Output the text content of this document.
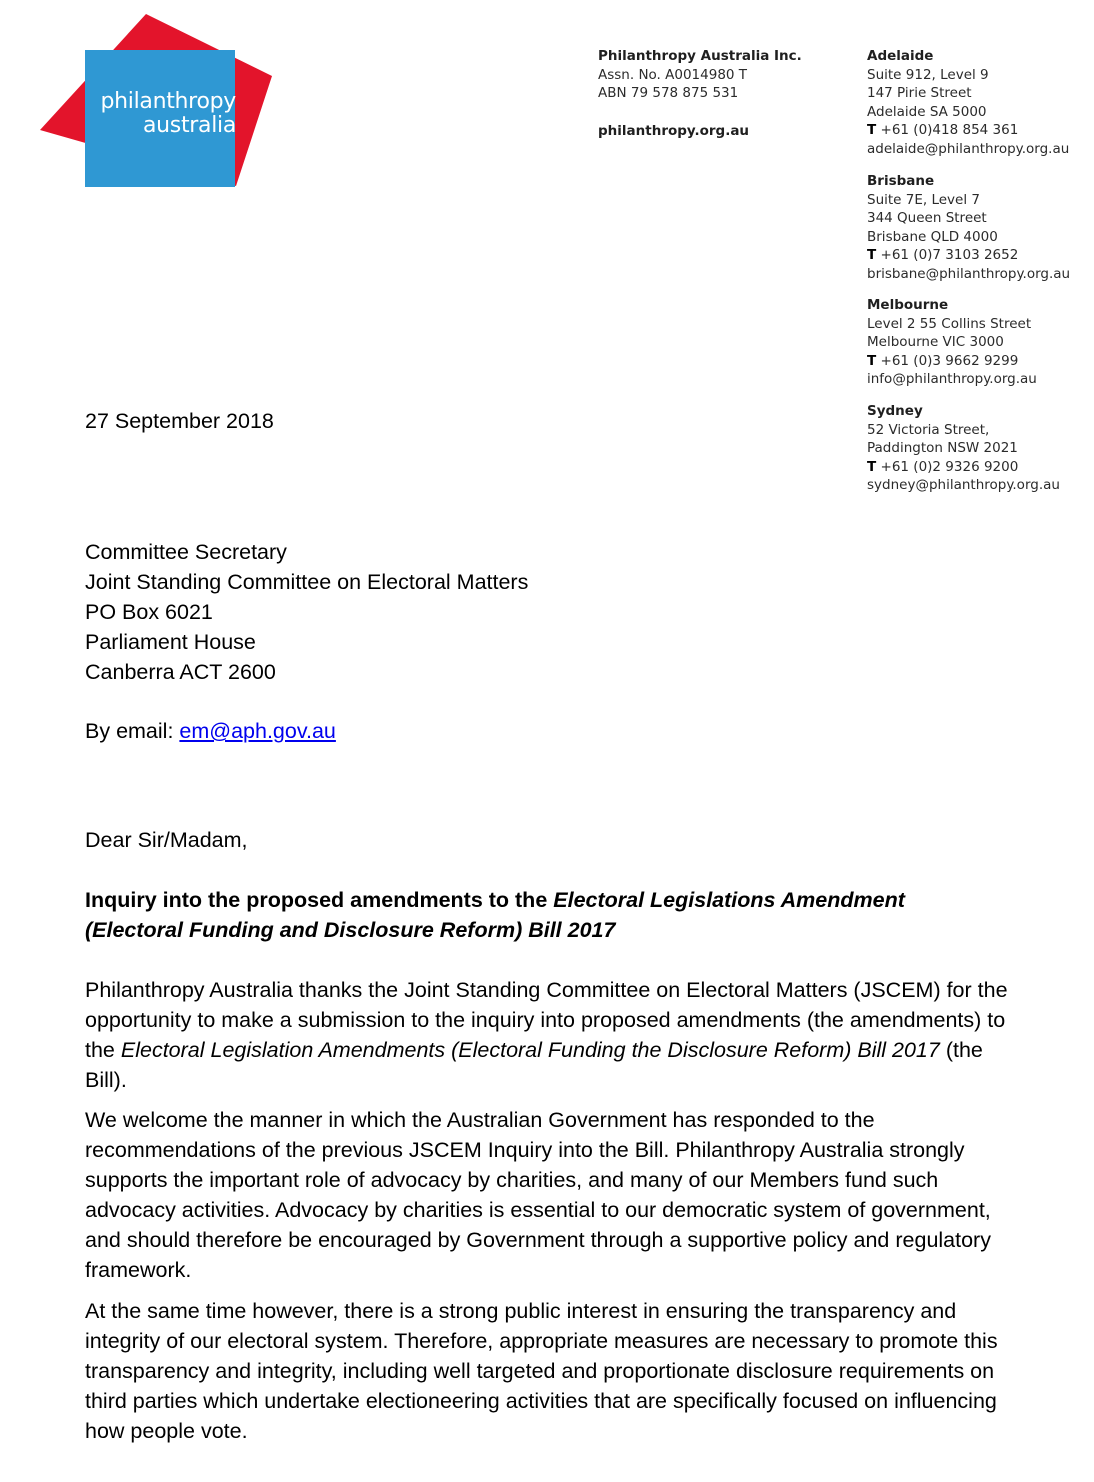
philanthropy
australia
Philanthropy Australia Inc.
Assn. No. A0014980 T
ABN 79 578 875 531
philanthropy.org.au
Adelaide
Suite 912, Level 9
147 Pirie Street
Adelaide SA 5000
T +61 (0)418 854 361
adelaide@philanthropy.org.au
Brisbane
Suite 7E, Level 7
344 Queen Street
Brisbane QLD 4000
T +61 (0)7 3103 2652
brisbane@philanthropy.org.au
Melbourne
Level 2 55 Collins Street
Melbourne VIC 3000
T +61 (0)3 9662 9299
info@philanthropy.org.au
Sydney
52 Victoria Street,
Paddington NSW 2021
T +61 (0)2 9326 9200
sydney@philanthropy.org.au
27 September 2018
Committee Secretary
Joint Standing Committee on Electoral Matters
PO Box 6021
Parliament House
Canberra ACT 2600
By email: em@aph.gov.au
Dear Sir/Madam,
Inquiry into the proposed amendments to the Electoral Legislations Amendment (Electoral Funding and Disclosure Reform) Bill 2017
Philanthropy Australia thanks the Joint Standing Committee on Electoral Matters (JSCEM) for the opportunity to make a submission to the inquiry into proposed amendments (the amendments) to the Electoral Legislation Amendments (Electoral Funding the Disclosure Reform) Bill 2017 (the Bill).
We welcome the manner in which the Australian Government has responded to the recommendations of the previous JSCEM Inquiry into the Bill. Philanthropy Australia strongly supports the important role of advocacy by charities, and many of our Members fund such advocacy activities. Advocacy by charities is essential to our democratic system of government, and should therefore be encouraged by Government through a supportive policy and regulatory framework.
At the same time however, there is a strong public interest in ensuring the transparency and integrity of our electoral system. Therefore, appropriate measures are necessary to promote this transparency and integrity, including well targeted and proportionate disclosure requirements on third parties which undertake electioneering activities that are specifically focused on influencing how people vote.
